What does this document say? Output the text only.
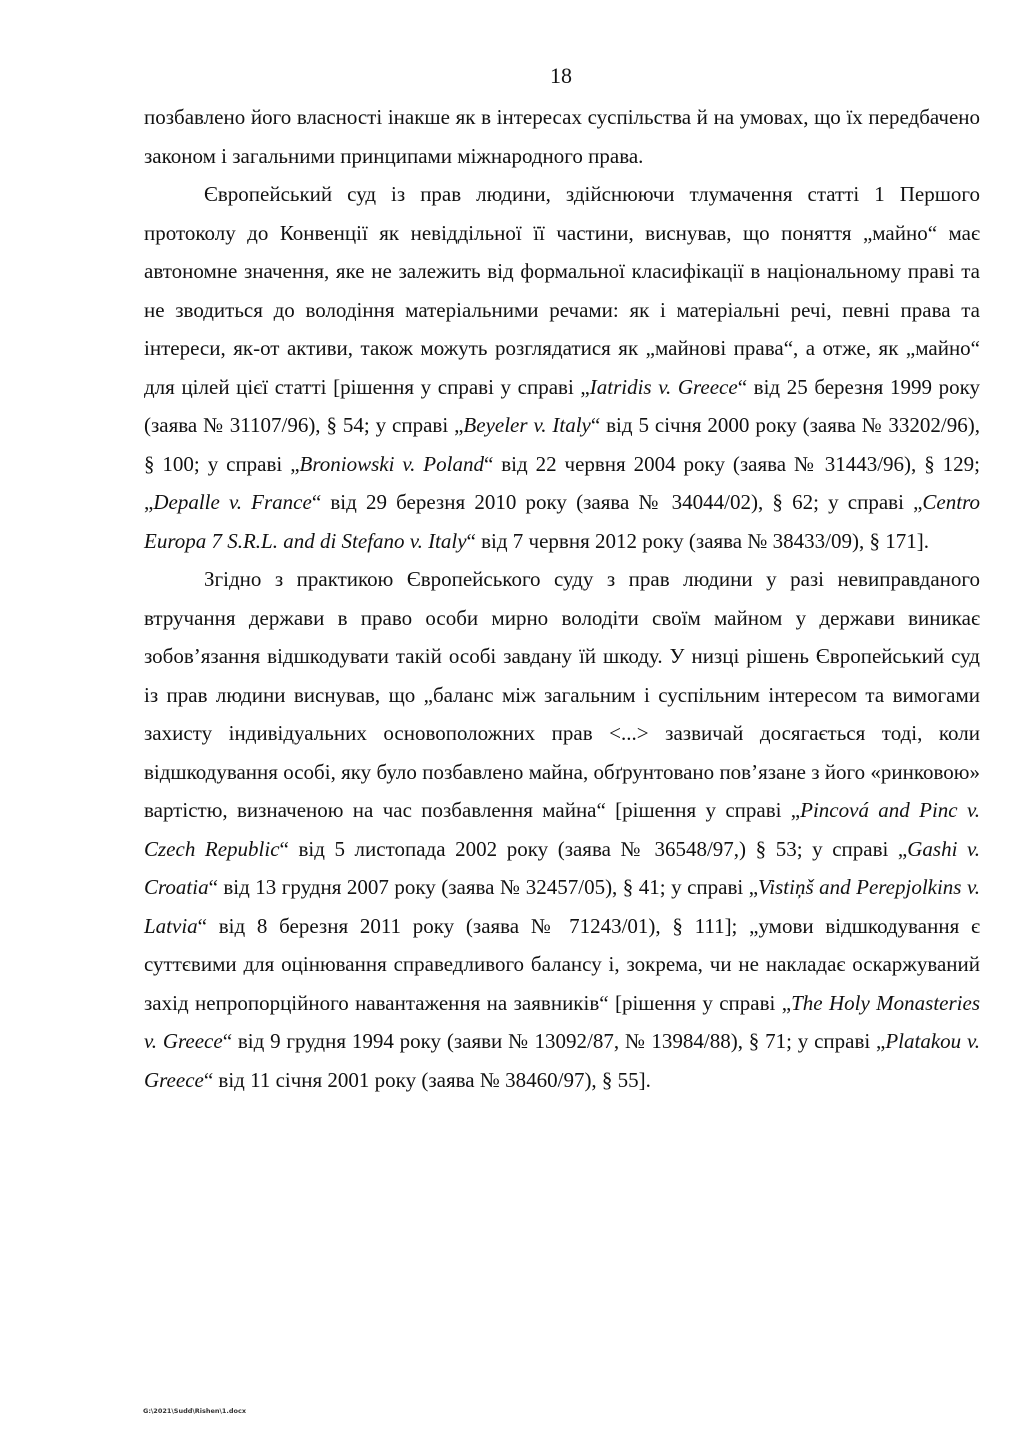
18

позбавлено його власності інакше як в інтересах суспільства й на умовах, що їх передбачено законом і загальними принципами міжнародного права.

Європейський суд із прав людини, здійснюючи тлумачення статті 1 Першого протоколу до Конвенції як невіддільної її частини, виснував, що поняття „майно“ має автономне значення, яке не залежить від формальної класифікації в національному праві та не зводиться до володіння матеріальними речами: як і матеріальні речі, певні права та інтереси, як-от активи, також можуть розглядатися як „майнові права“, а отже, як „майно“ для цілей цієї статті [рішення у справі у справі „Iatridis v. Greece“ від 25 березня 1999 року (заява № 31107/96), § 54; у справі „Beyeler v. Italy“ від 5 січня 2000 року (заява № 33202/96), § 100; у справі „Broniowski v. Poland“ від 22 червня 2004 року (заява № 31443/96), § 129; „Depalle v. France“ від 29 березня 2010 року (заява № 34044/02), § 62; у справі „Centro Europa 7 S.R.L. and di Stefano v. Italy“ від 7 червня 2012 року (заява № 38433/09), § 171].

Згідно з практикою Європейського суду з прав людини у разі невиправданого втручання держави в право особи мирно володіти своїм майном у держави виникає зобов’язання відшкодувати такій особі завдану їй шкоду. У низці рішень Європейський суд із прав людини виснував, що „баланс між загальним і суспільним інтересом та вимогами захисту індивідуальних основоположних прав <...> зазвичай досягається тоді, коли відшкодування особі, яку було позбавлено майна, обґрунтовано пов’язане з його «ринковою» вартістю, визначеною на час позбавлення майна“ [рішення у справі „Pincová and Pinc v. Czech Republic“ від 5 листопада 2002 року (заява № 36548/97,) § 53; у справі „Gashi v. Croatia“ від 13 грудня 2007 року (заява № 32457/05), § 41; у справі „Vistiņš and Perepjolkins v. Latvia“ від 8 березня 2011 року (заява № 71243/01), § 111]; „умови відшкодування є суттєвими для оцінювання справедливого балансу і, зокрема, чи не накладає оскаржуваний захід непропорційного навантаження на заявників“ [рішення у справі „The Holy Monasteries v. Greece“ від 9 грудня 1994 року (заяви № 13092/87, № 13984/88), § 71; у справі „Platakou v. Greece“ від 11 січня 2001 року (заява № 38460/97), § 55].

G:\2021\Sudd\Rishen\1.docx
